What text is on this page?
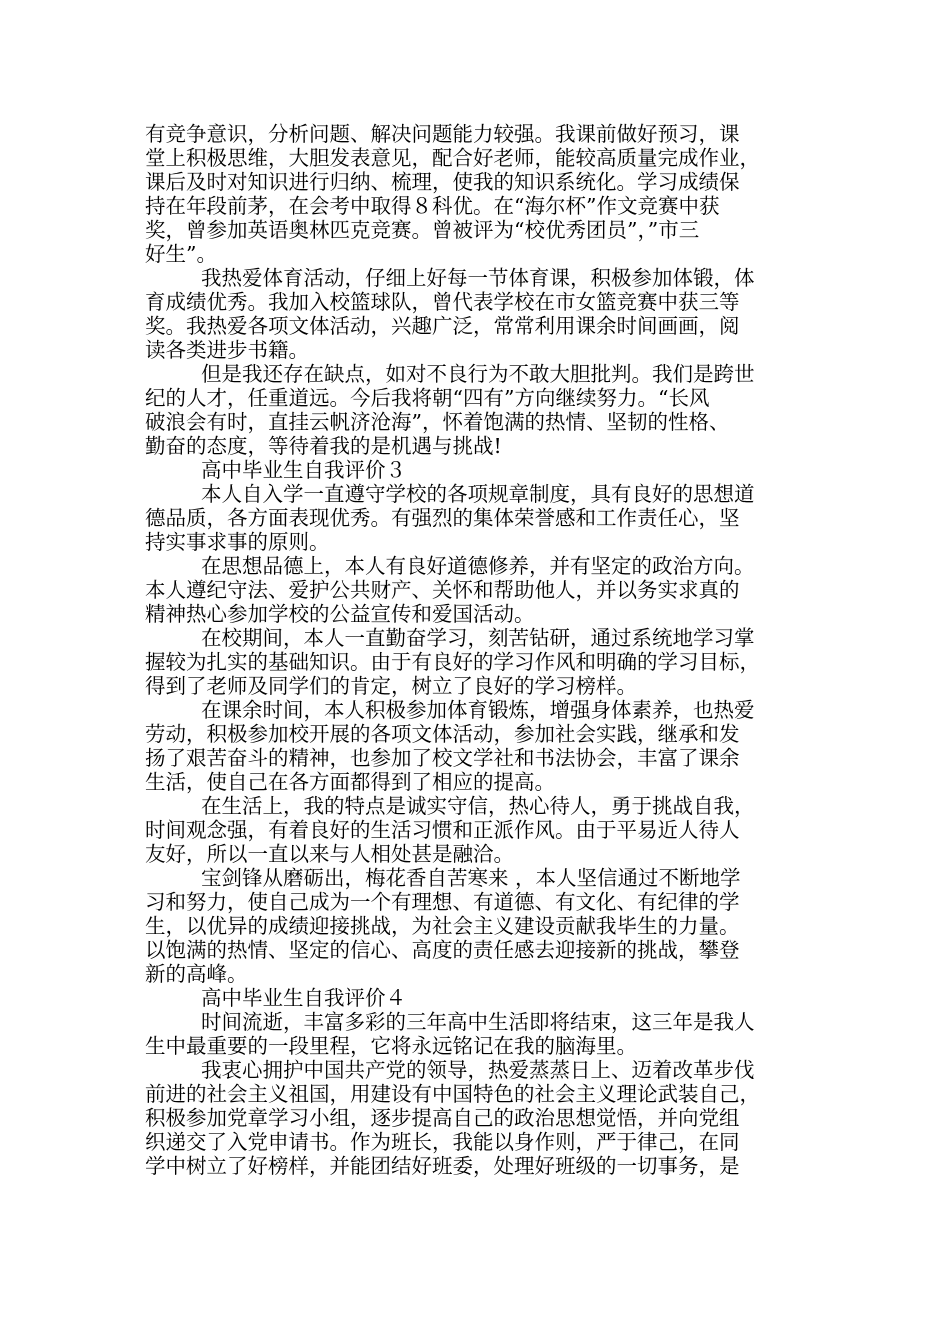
有竞争意识，分析问题、解决问题能力较强。我课前做好预习，课
堂上积极思维，大胆发表意见，配合好老师，能较高质量完成作业，
课后及时对知识进行归纳、梳理，使我的知识系统化。学习成绩保
持在年段前茅，在会考中取得８科优。在“海尔杯”作文竞赛中获
奖，曾参加英语奥林匹克竞赛。曾被评为“校优秀团员”，”市三
好生”。
我热爱体育活动，仔细上好每一节体育课，积极参加体锻，体
育成绩优秀。我加入校篮球队，曾代表学校在市女篮竞赛中获三等
奖。我热爱各项文体活动，兴趣广泛，常常利用课余时间画画，阅
读各类进步书籍。
但是我还存在缺点，如对不良行为不敢大胆批判。我们是跨世
纪的人才，任重道远。今后我将朝“四有”方向继续努力。“长风
破浪会有时，直挂云帆济沧海”，怀着饱满的热情、坚韧的性格、
勤奋的态度，等待着我的是机遇与挑战!
高中毕业生自我评价３
本人自入学一直遵守学校的各项规章制度，具有良好的思想道
德品质，各方面表现优秀。有强烈的集体荣誉感和工作责任心，坚
持实事求事的原则。
在思想品德上，本人有良好道德修养，并有坚定的政治方向。
本人遵纪守法、爱护公共财产、关怀和帮助他人，并以务实求真的
精神热心参加学校的公益宣传和爱国活动。
在校期间，本人一直勤奋学习，刻苦钻研，通过系统地学习掌
握较为扎实的基础知识。由于有良好的学习作风和明确的学习目标，
得到了老师及同学们的肯定，树立了良好的学习榜样。
在课余时间，本人积极参加体育锻炼，增强身体素养，也热爱
劳动，积极参加校开展的各项文体活动，参加社会实践，继承和发
扬了艰苦奋斗的精神，也参加了校文学社和书法协会，丰富了课余
生活，使自己在各方面都得到了相应的提高。
在生活上，我的特点是诚实守信，热心待人，勇于挑战自我，
时间观念强，有着良好的生活习惯和正派作风。由于平易近人待人
友好，所以一直以来与人相处甚是融洽。
宝剑锋从磨砺出，梅花香自苦寒来 ，本人坚信通过不断地学
习和努力，使自己成为一个有理想、有道德、有文化、有纪律的学
生，以优异的成绩迎接挑战，为社会主义建设贡献我毕生的力量。
以饱满的热情、坚定的信心、高度的责任感去迎接新的挑战，攀登
新的高峰。
高中毕业生自我评价４
时间流逝，丰富多彩的三年高中生活即将结束，这三年是我人
生中最重要的一段里程，它将永远铭记在我的脑海里。
我衷心拥护中国共产党的领导，热爱蒸蒸日上、迈着改革步伐
前进的社会主义祖国，用建设有中国特色的社会主义理论武装自己，
积极参加党章学习小组，逐步提高自己的政治思想觉悟，并向党组
织递交了入党申请书。作为班长，我能以身作则，严于律己，在同
学中树立了好榜样，并能团结好班委，处理好班级的一切事务，是
